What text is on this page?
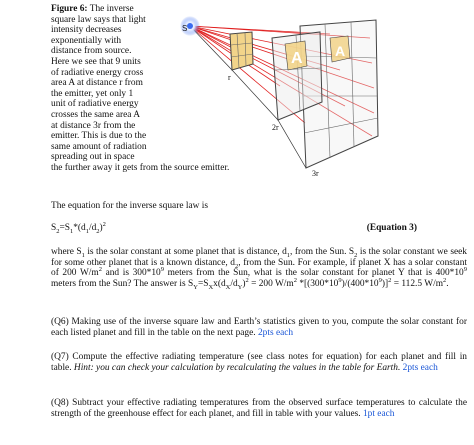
Figure 6: The inverse
square law says that light
intensity decreases
exponentially with
distance from source.
Here we see that 9 units
of radiative energy cross
area A at distance r from
the emitter, yet only 1
unit of radiative energy
crosses the same area A
at distance 3r from the
emitter. This is due to the
same amount of radiation
spreading out in space
the further away it gets from the source emitter.
S
A A
r
2r
3r
The equation for the inverse square law is
$S_2=S_1*(d_1/d_2)^2$	(Equation 3)
where $S_1$ is the solar constant at some planet that is distance, $d_1$, from the Sun. $S_2$ is the solar constant we seek for some other planet that is a known distance, $d_2$, from the Sun. For example, if planet X has a solar constant of 200 $W/m^2$ and is $300*10^9$ meters from the Sun, what is the solar constant for planet Y that is $400*10^9$ meters from the Sun? The answer is $S_Y=S_Xx(d_X/d_Y)^2 = 200$ $W/m^2$ $*[(300*10^9)/(400*10^9)]^2 = 112.5$ $W/m^2$.
(Q6) Making use of the inverse square law and Earth’s statistics given to you, compute the solar constant for each listed planet and fill in the table on the next page. 2pts each
(Q7) Compute the effective radiating temperature (see class notes for equation) for each planet and fill in table. Hint: you can check your calculation by recalculating the values in the table for Earth. 2pts each
(Q8) Subtract your effective radiating temperatures from the observed surface temperatures to calculate the strength of the greenhouse effect for each planet, and fill in table with your values. 1pt each
